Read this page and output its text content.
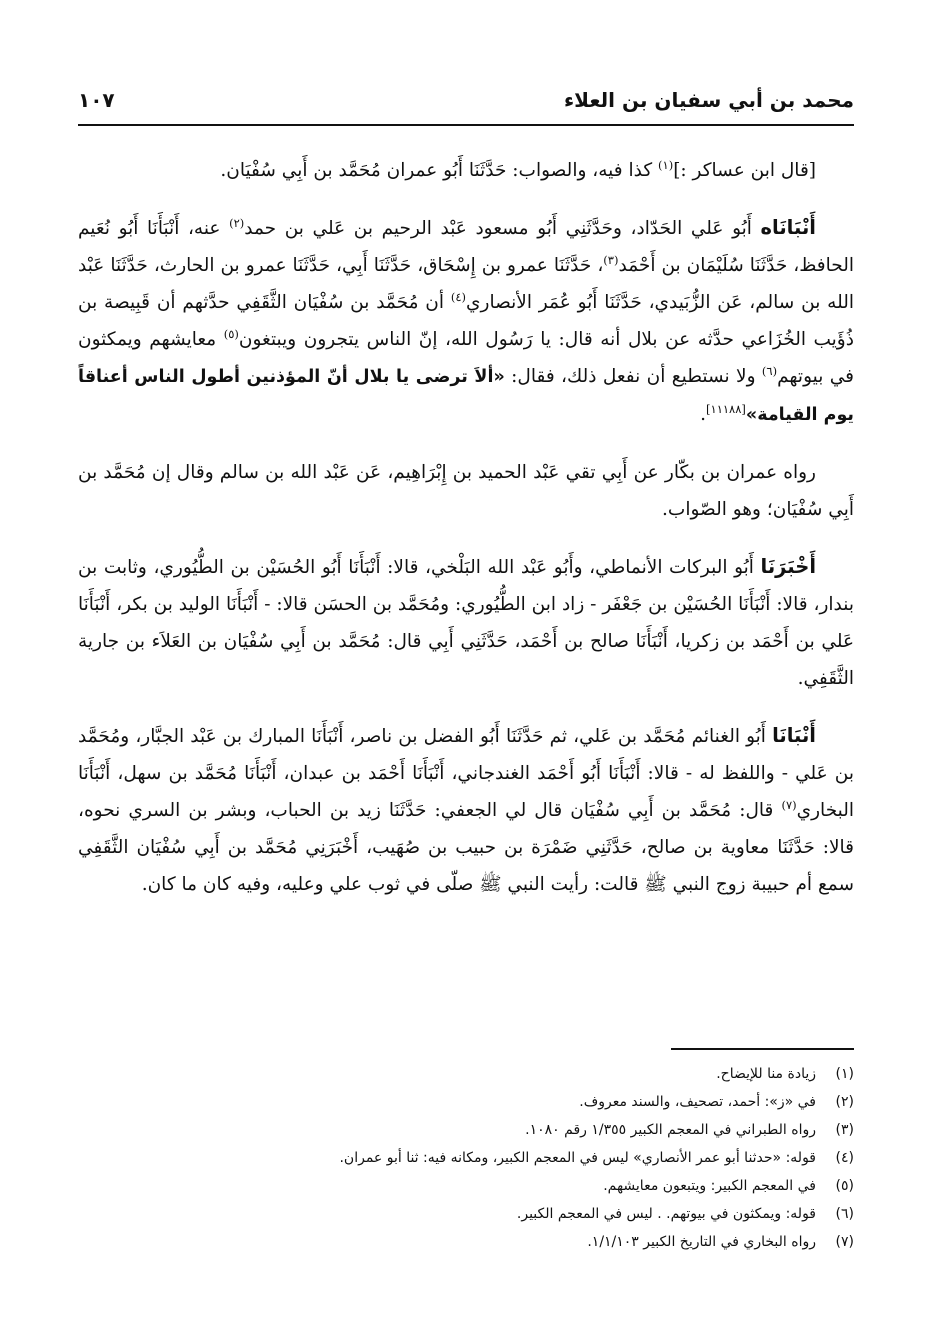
محمد بن أبي سفيان بن العلاء
١٠٧

[قال ابن عساكر :]$^{(١)}$ كذا فيه، والصواب: حَدَّثَنَا أَبُو عمران مُحَمَّد بن أَبِي سُفْيَان.

أَنْبَانَاه أَبُو عَلي الحَدّاد، وحَدَّثَنِي أَبُو مسعود عَبْد الرحيم بن عَلي بن حمد$^{(٢)}$ عنه، أَنْبَأَنَا أَبُو نُعَيم الحافظ، حَدَّثَنَا سُلَيْمَان بن أَحْمَد$^{(٣)}$، حَدَّثَنَا عمرو بن إِسْحَاق، حَدَّثَنَا أَبِي، حَدَّثَنَا عمرو بن الحارث، حَدَّثَنَا عَبْد الله بن سالم، عَن الزُّبَيدي، حَدَّثَنَا أَبُو عُمَر الأنصاري$^{(٤)}$ أن مُحَمَّد بن سُفْيَان الثَّقَفِي حدَّثهم أن قَبِيصة بن ذُؤَيب الخُزَاعي حدَّثه عن بلال أنه قال: يا رَسُول الله، إنّ الناس يتجرون ويبتغون$^{(٥)}$ معايشهم ويمكثون في بيوتهم$^{(٦)}$ ولا نستطيع أن نفعل ذلك، فقال: «ألاَ ترضى يا بلال أنّ المؤذنين أطول الناس أعناقاً يوم القيامة»[١١١٨٨].

رواه عمران بن بكّار عن أَبِي تقي عَبْد الحميد بن إِبْرَاهِيم، عَن عَبْد الله بن سالم وقال إن مُحَمَّد بن أَبِي سُفْيَان؛ وهو الصّواب.

أَخْبَرَنَا أَبُو البركات الأنماطي، وأَبُو عَبْد الله البَلْخي، قالا: أَنْبَأَنَا أَبُو الحُسَيْن بن الطُّيُوري، وثابت بن بندار، قالا: أَنْبَأَنَا الحُسَيْن بن جَعْفَر - زاد ابن الطُّيُوري: ومُحَمَّد بن الحسَن قالا: - أَنْبَأَنَا الوليد بن بكر، أَنْبَأَنَا عَلي بن أَحْمَد بن زكريا، أَنْبَأَنَا صالح بن أَحْمَد، حَدَّثَنِي أَبِي قال: مُحَمَّد بن أَبِي سُفْيَان بن العَلاَء بن جارية الثَّقَفِي.

أَنْبَانَا أَبُو الغنائم مُحَمَّد بن عَلي، ثم حَدَّثَنَا أَبُو الفضل بن ناصر، أَنْبَأَنَا المبارك بن عَبْد الجبَّار، ومُحَمَّد بن عَلي - واللفظ له - قالا: أَنْبَأَنَا أَبُو أَحْمَد الغندجاني، أَنْبَأَنَا أَحْمَد بن عبدان، أَنْبَأَنَا مُحَمَّد بن سهل، أَنْبَأَنَا البخاري$^{(٧)}$ قال: مُحَمَّد بن أَبِي سُفْيَان قال لي الجعفي: حَدَّثَنَا زيد بن الحباب، وبشر بن السري نحوه، قالا: حَدَّثَنَا معاوية بن صالح، حَدَّثَنِي ضَمْرَة بن حبيب بن صُهَيب، أَخْبَرَنِي مُحَمَّد بن أَبِي سُفْيَان الثَّقَفِي سمع أم حبيبة زوج النبي ﷺ قالت: رأيت النبي ﷺ صلّى في ثوب علي وعليه، وفيه كان ما كان.

(١)زيادة منا للإيضاح.
(٢)في «ز»: أحمد، تصحيف، والسند معروف.
(٣)رواه الطبراني في المعجم الكبير ١/٣٥٥ رقم ١٠٨٠.
(٤)قوله: «حدثنا أبو عمر الأنصاري» ليس في المعجم الكبير، ومكانه فيه: ثنا أبو عمران.
(٥)في المعجم الكبير: ويتبعون معايشهم.
(٦)قوله: ويمكثون في بيوتهم. . ليس في المعجم الكبير.
(٧)رواه البخاري في التاريخ الكبير ١/١/١٠٣.
